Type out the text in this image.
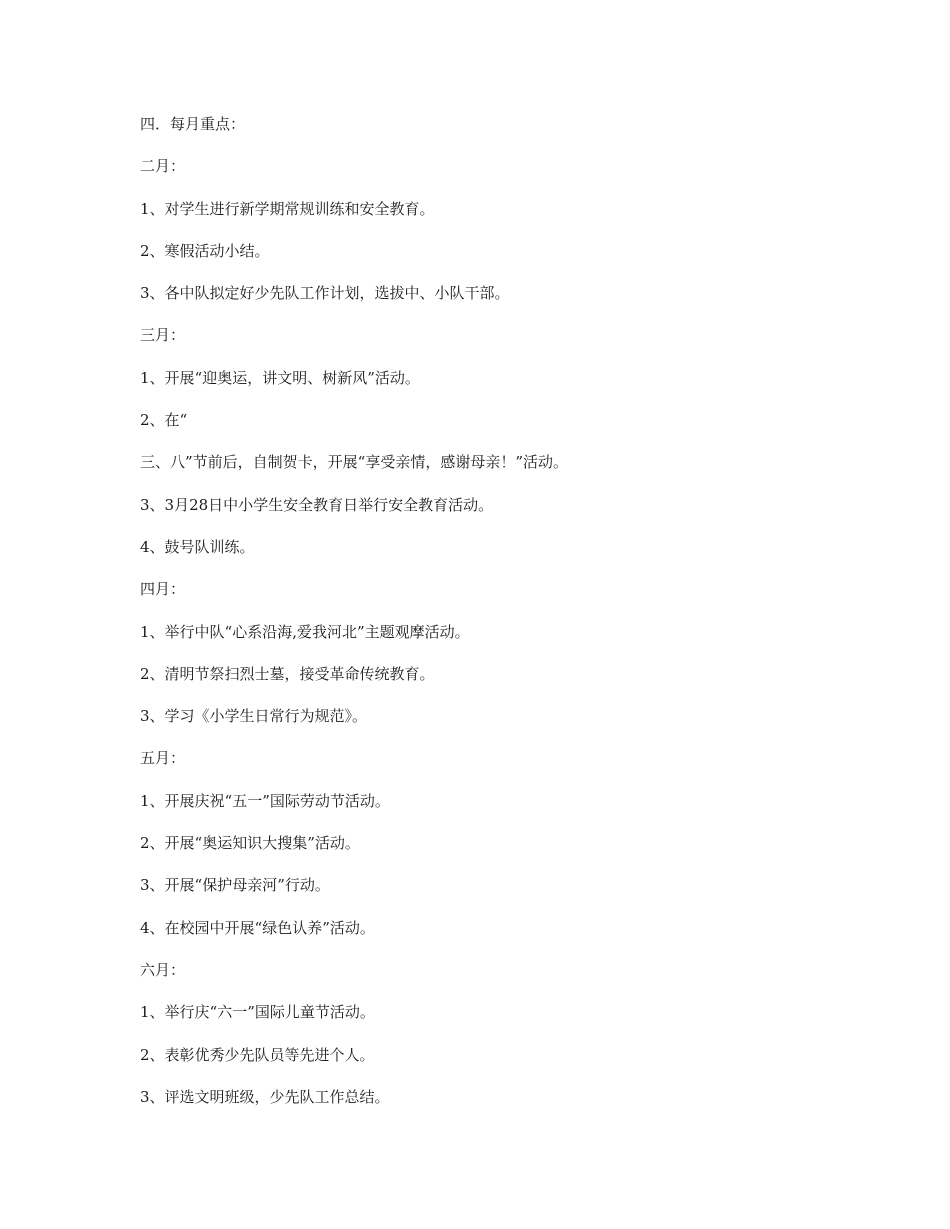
四．每月重点：

二月：

1、对学生进行新学期常规训练和安全教育。

2、寒假活动小结。

3、各中队拟定好少先队工作计划，选拔中、小队干部。

三月：

1、开展“迎奥运，讲文明、树新风”活动。

2、在“

三、八”节前后，自制贺卡，开展“享受亲情，感谢母亲！”活动。

3、3月28日中小学生安全教育日举行安全教育活动。

4、鼓号队训练。

四月：

1、举行中队“心系沿海,爱我河北”主题观摩活动。

2、清明节祭扫烈士墓，接受革命传统教育。

3、学习《小学生日常行为规范》。

五月：

1、开展庆祝“五一”国际劳动节活动。

2、开展“奥运知识大搜集”活动。

3、开展“保护母亲河”行动。

4、在校园中开展“绿色认养”活动。

六月：

1、举行庆“六一”国际儿童节活动。

2、表彰优秀少先队员等先进个人。

3、评选文明班级，少先队工作总结。
